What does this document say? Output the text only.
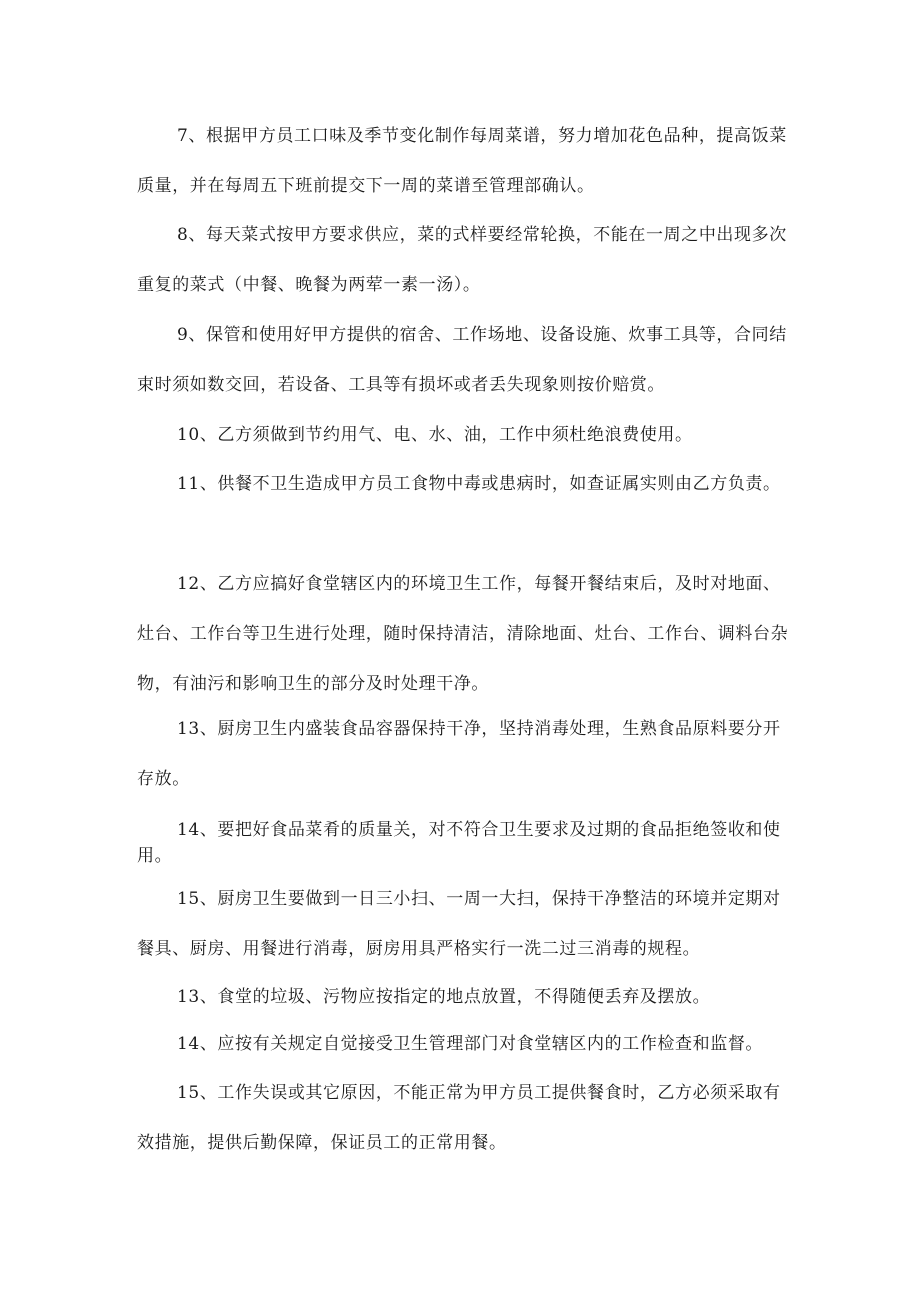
7、根据甲方员工口味及季节变化制作每周菜谱，努力增加花色品种，提高饭菜质量，并在每周五下班前提交下一周的菜谱至管理部确认。

8、每天菜式按甲方要求供应，菜的式样要经常轮换，不能在一周之中出现多次重复的菜式（中餐、晚餐为两荤一素一汤）。

9、保管和使用好甲方提供的宿舍、工作场地、设备设施、炊事工具等，合同结束时须如数交回，若设备、工具等有损坏或者丢失现象则按价赔赏。

10、乙方须做到节约用气、电、水、油，工作中须杜绝浪费使用。

11、供餐不卫生造成甲方员工食物中毒或患病时，如查证属实则由乙方负责。

12、乙方应搞好食堂辖区内的环境卫生工作，每餐开餐结束后，及时对地面、灶台、工作台等卫生进行处理，随时保持清洁，清除地面、灶台、工作台、调料台杂物，有油污和影响卫生的部分及时处理干净。

13、厨房卫生内盛装食品容器保持干净，坚持消毒处理，生熟食品原料要分开存放。

14、要把好食品菜肴的质量关，对不符合卫生要求及过期的食品拒绝签收和使用。

15、厨房卫生要做到一日三小扫、一周一大扫，保持干净整洁的环境并定期对餐具、厨房、用餐进行消毒，厨房用具严格实行一洗二过三消毒的规程。

13、食堂的垃圾、污物应按指定的地点放置，不得随便丢弃及摆放。

14、应按有关规定自觉接受卫生管理部门对食堂辖区内的工作检查和监督。

15、工作失误或其它原因，不能正常为甲方员工提供餐食时，乙方必须采取有效措施，提供后勤保障，保证员工的正常用餐。
